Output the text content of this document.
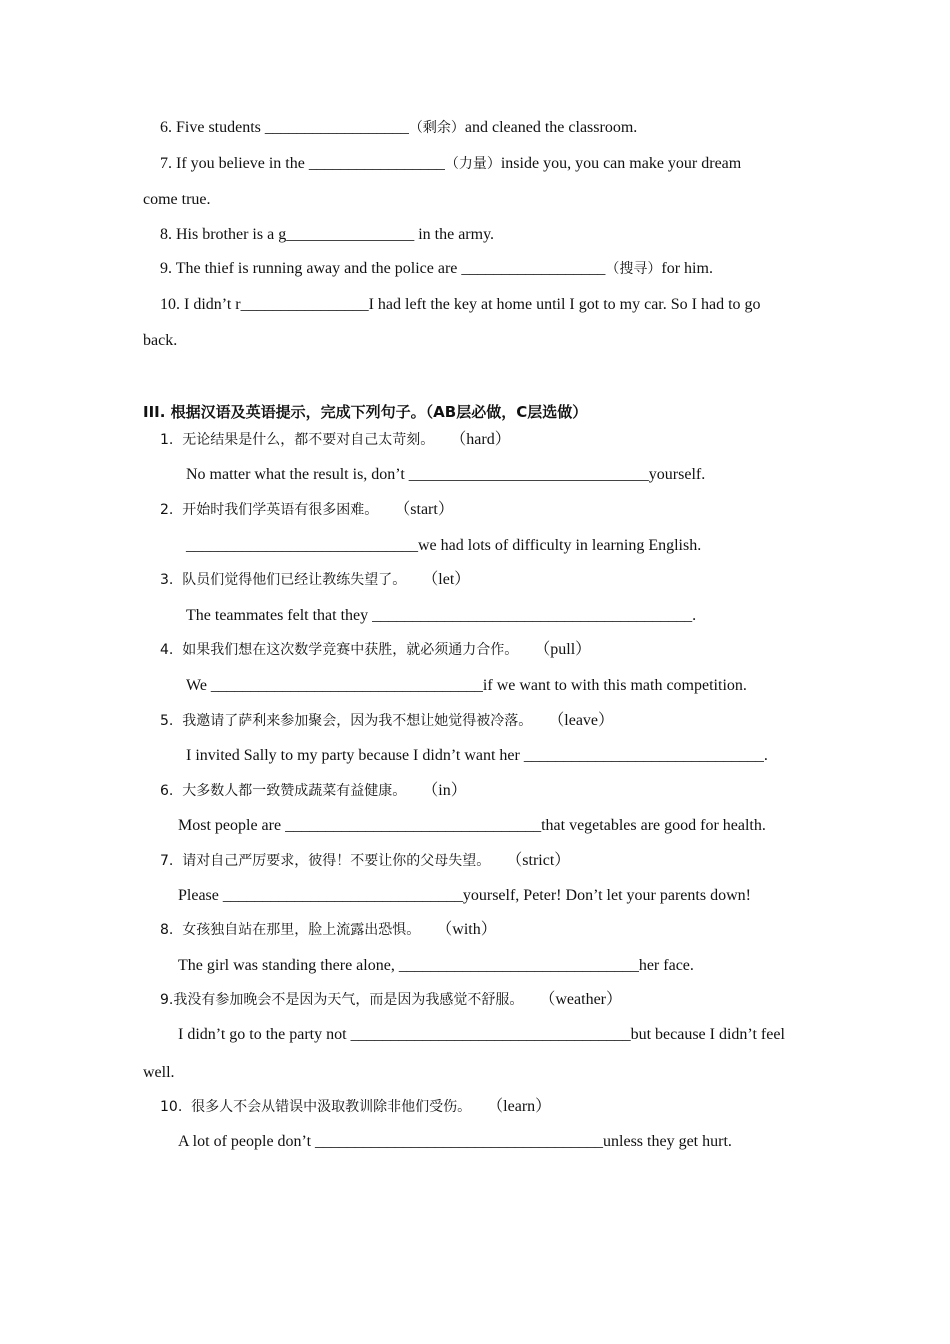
6. Five students __________________（剩余）and cleaned the classroom.
7. If you believe in the _________________（力量）inside you, you can make your dream
come true.
8. His brother is a g________________ in the army.
9. The thief is running away and the police are __________________（搜寻）for him.
10. I didn’t r________________I had left the key at home until I got to my car. So I had to go
back.
III. 根据汉语及英语提示，完成下列句子。（AB层必做，C层选做）
1.  无论结果是什么，都不要对自己太苛刻。 （hard）
No matter what the result is, don’t ______________________________yourself.
2.  开始时我们学英语有很多困难。 （start）
_____________________________we had lots of difficulty in learning English.
3.  队员们觉得他们已经让教练失望了。 （let）
The teammates felt that they ________________________________________.
4.  如果我们想在这次数学竞赛中获胜，就必须通力合作。 （pull）
We __________________________________if we want to with this math competition.
5.  我邀请了萨利来参加聚会，因为我不想让她觉得被冷落。 （leave）
I invited Sally to my party because I didn’t want her ______________________________.
6.  大多数人都一致赞成蔬菜有益健康。 （in）
Most people are ________________________________that vegetables are good for health.
7.  请对自己严厉要求，彼得！不要让你的父母失望。 （strict）
Please ______________________________yourself, Peter! Don’t let your parents down!
8.  女孩独自站在那里，脸上流露出恐惧。 （with）
The girl was standing there alone, ______________________________her face.
9.我没有参加晚会不是因为天气，而是因为我感觉不舒服。 （weather）
I didn’t go to the party not ___________________________________but because I didn’t feel
well.
10.  很多人不会从错误中汲取教训除非他们受伤。 （learn）
A lot of people don’t ____________________________________unless they get hurt.
